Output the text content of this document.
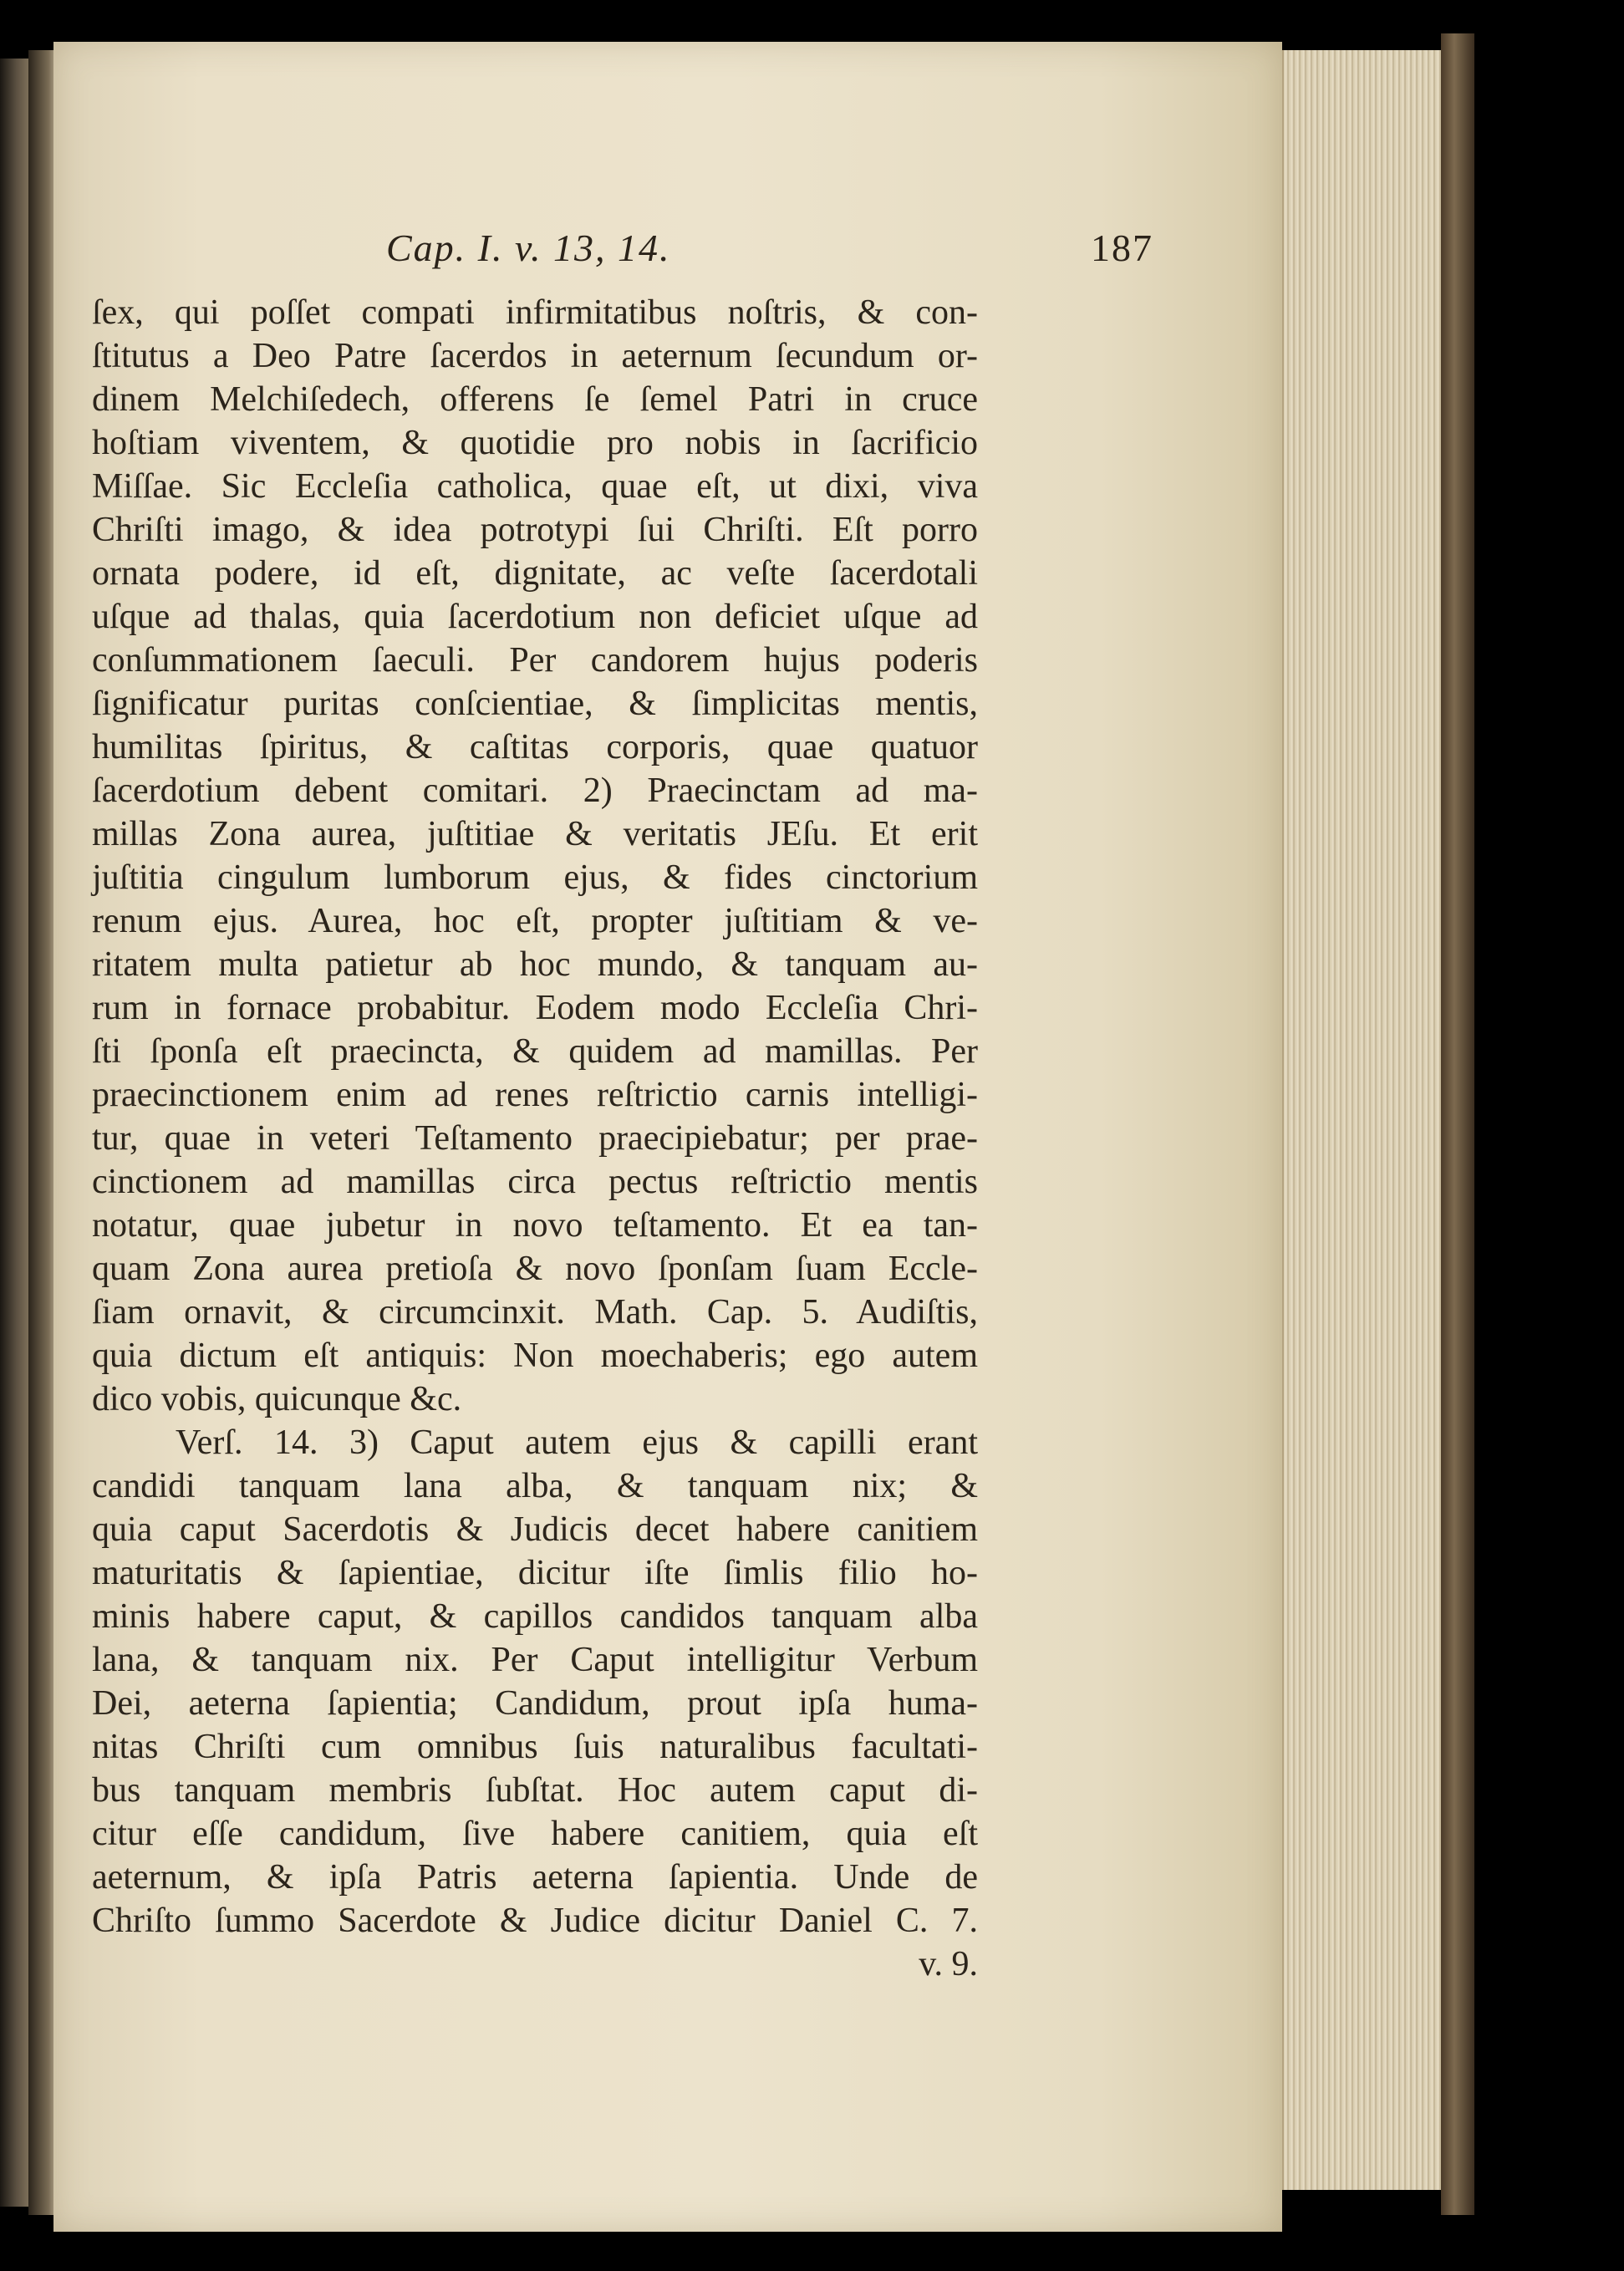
Cap. I. v. 13, 14.	187
ſex, qui poſſet compati infirmitatibus noſtris, & con-
ſtitutus a Deo Patre ſacerdos in aeternum ſecundum or-
dinem Melchiſedech, offerens ſe ſemel Patri in cruce
hoſtiam viventem, & quotidie pro nobis in ſacrificio
Miſſae. Sic Eccleſia catholica, quae eſt, ut dixi, viva
Chriſti imago, & idea potrotypi ſui Chriſti. Eſt porro
ornata podere, id eſt, dignitate, ac veſte ſacerdotali
uſque ad thalas, quia ſacerdotium non deficiet uſque ad
conſummationem ſaeculi. Per candorem hujus poderis
ſignificatur puritas conſcientiae, & ſimplicitas mentis,
humilitas ſpiritus, & caſtitas corporis, quae quatuor
ſacerdotium debent comitari. 2) Praecinctam ad ma-
millas Zona aurea, juſtitiae & veritatis JEſu. Et erit
juſtitia cingulum lumborum ejus, & fides cinctorium
renum ejus. Aurea, hoc eſt, propter juſtitiam & ve-
ritatem multa patietur ab hoc mundo, & tanquam au-
rum in fornace probabitur. Eodem modo Eccleſia Chri-
ſti ſponſa eſt praecincta, & quidem ad mamillas. Per
praecinctionem enim ad renes reſtrictio carnis intelligi-
tur, quae in veteri Teſtamento praecipiebatur; per prae-
cinctionem ad mamillas circa pectus reſtrictio mentis
notatur, quae jubetur in novo teſtamento. Et ea tan-
quam Zona aurea pretioſa & novo ſponſam ſuam Eccle-
ſiam ornavit, & circumcinxit. Math. Cap. 5. Audiſtis,
quia dictum eſt antiquis: Non moechaberis; ego autem
dico vobis, quicunque &c.
Verſ. 14. 3) Caput autem ejus & capilli erant
candidi tanquam lana alba, & tanquam nix; &
quia caput Sacerdotis & Judicis decet habere canitiem
maturitatis & ſapientiae, dicitur iſte ſimlis filio ho-
minis habere caput, & capillos candidos tanquam alba
lana, & tanquam nix. Per Caput intelligitur Verbum
Dei, aeterna ſapientia; Candidum, prout ipſa huma-
nitas Chriſti cum omnibus ſuis naturalibus facultati-
bus tanquam membris ſubſtat. Hoc autem caput di-
citur eſſe candidum, ſive habere canitiem, quia eſt
aeternum, & ipſa Patris aeterna ſapientia. Unde de
Chriſto ſummo Sacerdote & Judice dicitur Daniel C. 7.
v. 9.
